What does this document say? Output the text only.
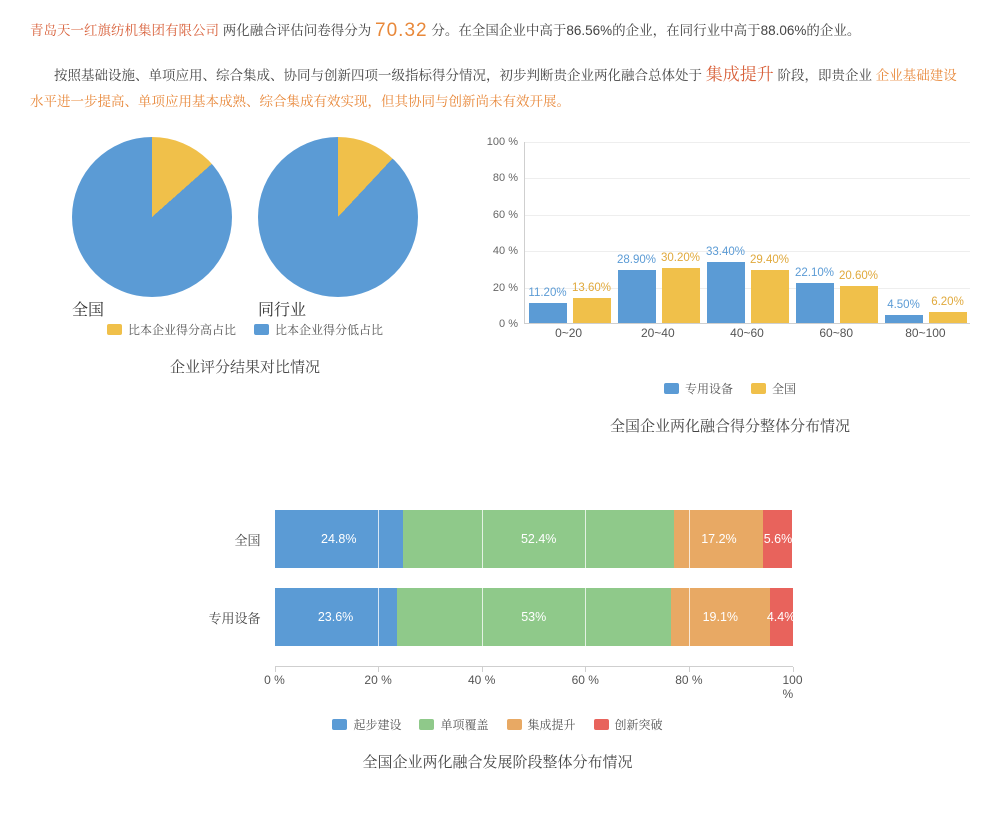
青岛天一红旗纺机集团有限公司 两化融合评估问卷得分为 70.32 分。在全国企业中高于86.56%的企业，在同行业中高于88.06%的企业。
按照基础设施、单项应用、综合集成、协同与创新四项一级指标得分情况，初步判断贵企业两化融合总体处于 集成提升 阶段，即贵企业 企业基础建设水平进一步提高、单项应用基本成熟、综合集成有效实现，但其协同与创新尚未有效开展。
全国	同行业
比本企业得分高占比	比本企业得分低占比
企业评分结果对比情况
100 %
80 %
60 %
40 %
20 %
0 %
11.20% 13.60%
28.90% 30.20% 33.40%
29.40%
22.10% 20.60%
4.50% 6.20%
0~20	20~40	40~60	60~80	80~100
专用设备	全国
全国企业两化融合得分整体分布情况
全国	24.8%	52.4%	17.2% 5.6%
专用设备	23.6%	53%	19.1% 4.4%
0 %	20 %	40 %	60 %	80 %	100 %
起步建设	单项覆盖	集成提升	创新突破
全国企业两化融合发展阶段整体分布情况
